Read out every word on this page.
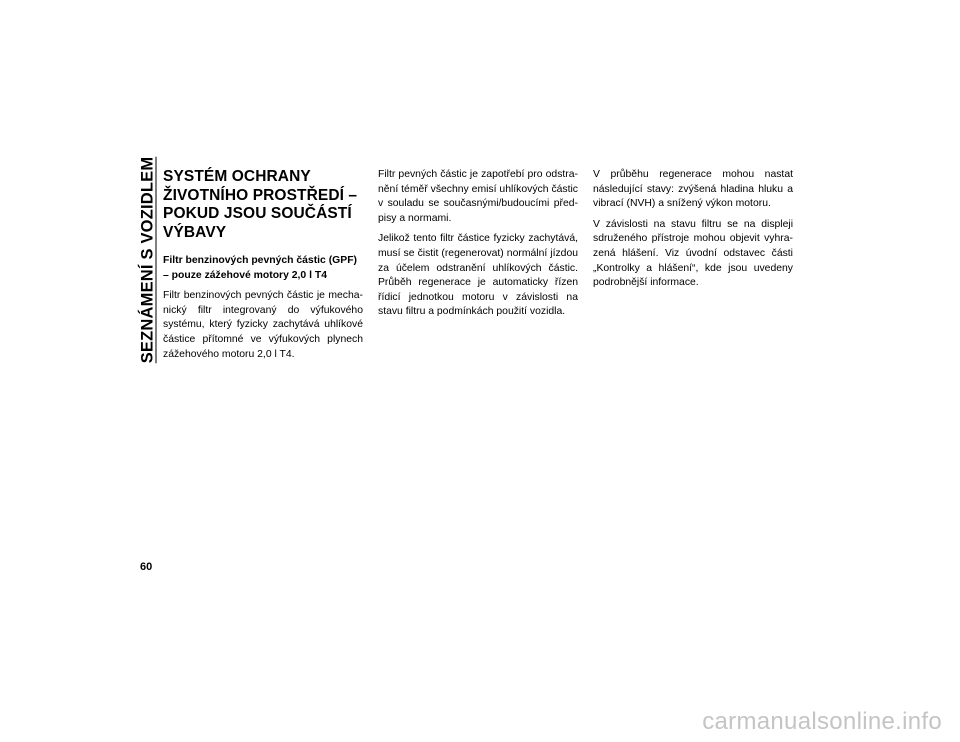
SEZNÁMENÍ S VOZIDLEM SYSTÉM OCHRANY ŽIVOTNÍHO PROSTŘEDÍ – POKUD JSOU SOUČÁSTÍ VÝBAVY
Filtr benzinových pevných částic (GPF) – pouze zážehové motory 2,0 l T4

Filtr benzinových pevných částic je mechanický filtr integrovaný do výfukového systému, který fyzicky zachytává uhlíkové částice přítomné ve výfukových plynech zážehového motoru 2,0 l T4.

Filtr pevných částic je zapotřebí pro odstranění téměř všechny emisí uhlíkových částic v souladu se současnými/budoucími předpisy a normami.

Jelikož tento filtr částice fyzicky zachytává, musí se čistit (regenerovat) normální jízdou za účelem odstranění uhlíkových částic. Průběh regenerace je automaticky řízen řídicí jednotkou motoru v závislosti na stavu filtru a podmínkách použití vozidla.

V průběhu regenerace mohou nastat následující stavy: zvýšená hladina hluku a vibrací (NVH) a snížený výkon motoru.

V závislosti na stavu filtru se na displeji sdruženého přístroje mohou objevit vyhrazená hlášení. Viz úvodní odstavec části „Kontrolky a hlášení“, kde jsou uvedeny podrobnější informace.

60
carmanualsonline.info
